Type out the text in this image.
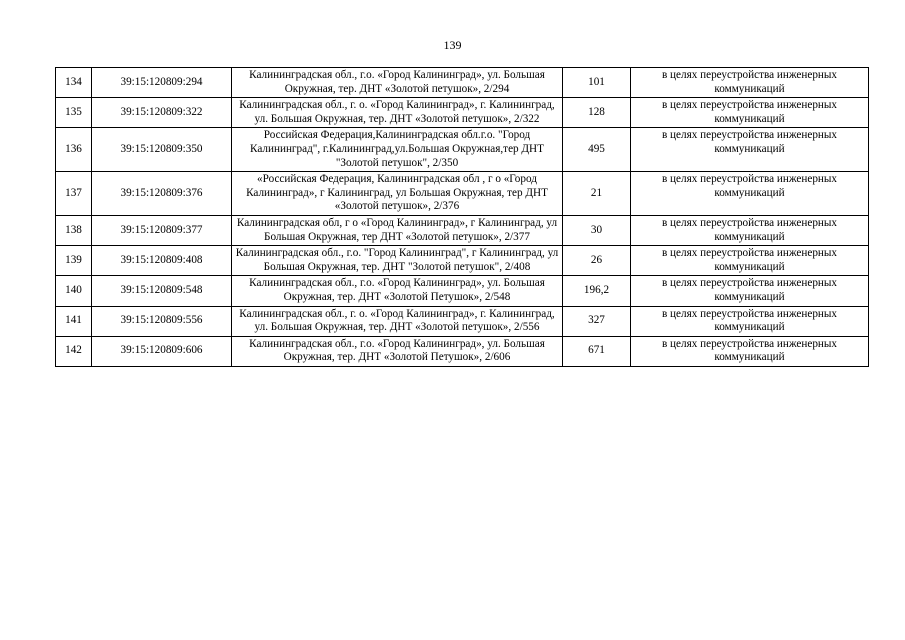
139
134	39:15:120809:294	Калининградская обл., г.о. «Город Калининград», ул. Большая Окружная, тер. ДНТ «Золотой петушок», 2/294	101	в целях переустройства инженерных коммуникаций
135	39:15:120809:322	Калининградская обл., г. о. «Город Калининград», г. Калининград, ул. Большая Окружная, тер. ДНТ «Золотой петушок», 2/322	128	в целях переустройства инженерных коммуникаций
136	39:15:120809:350	Российская Федерация,Калининградская обл.г.о. "Город Калининград", г.Калининград,ул.Большая Окружная,тер ДНТ "Золотой петушок", 2/350	495	в целях переустройства инженерных коммуникаций
137	39:15:120809:376	«Российская Федерация, Калининградская обл , г о «Город Калининград», г Калининград, ул Большая Окружная, тер ДНТ «Золотой петушок», 2/376	21	в целях переустройства инженерных коммуникаций
138	39:15:120809:377	Калининградская обл, г о «Город Калининград», г Калининград, ул Большая Окружная, тер ДНТ «Золотой петушок», 2/377	30	в целях переустройства инженерных коммуникаций
139	39:15:120809:408	Калининградская обл., г.о. "Город Калининград", г Калининград, ул Большая Окружная, тер. ДНТ "Золотой петушок", 2/408	26	в целях переустройства инженерных коммуникаций
140	39:15:120809:548	Калининградская обл., г.о. «Город Калининград», ул. Большая Окружная, тер. ДНТ «Золотой Петушок», 2/548	196,2	в целях переустройства инженерных коммуникаций
141	39:15:120809:556	Калининградская обл., г. о. «Город Калининград», г. Калининград, ул. Большая Окружная, тер. ДНТ «Золотой петушок», 2/556	327	в целях переустройства инженерных коммуникаций
142	39:15:120809:606	Калининградская обл., г.о. «Город Калининград», ул. Большая Окружная, тер. ДНТ «Золотой Петушок», 2/606	671	в целях переустройства инженерных коммуникаций
